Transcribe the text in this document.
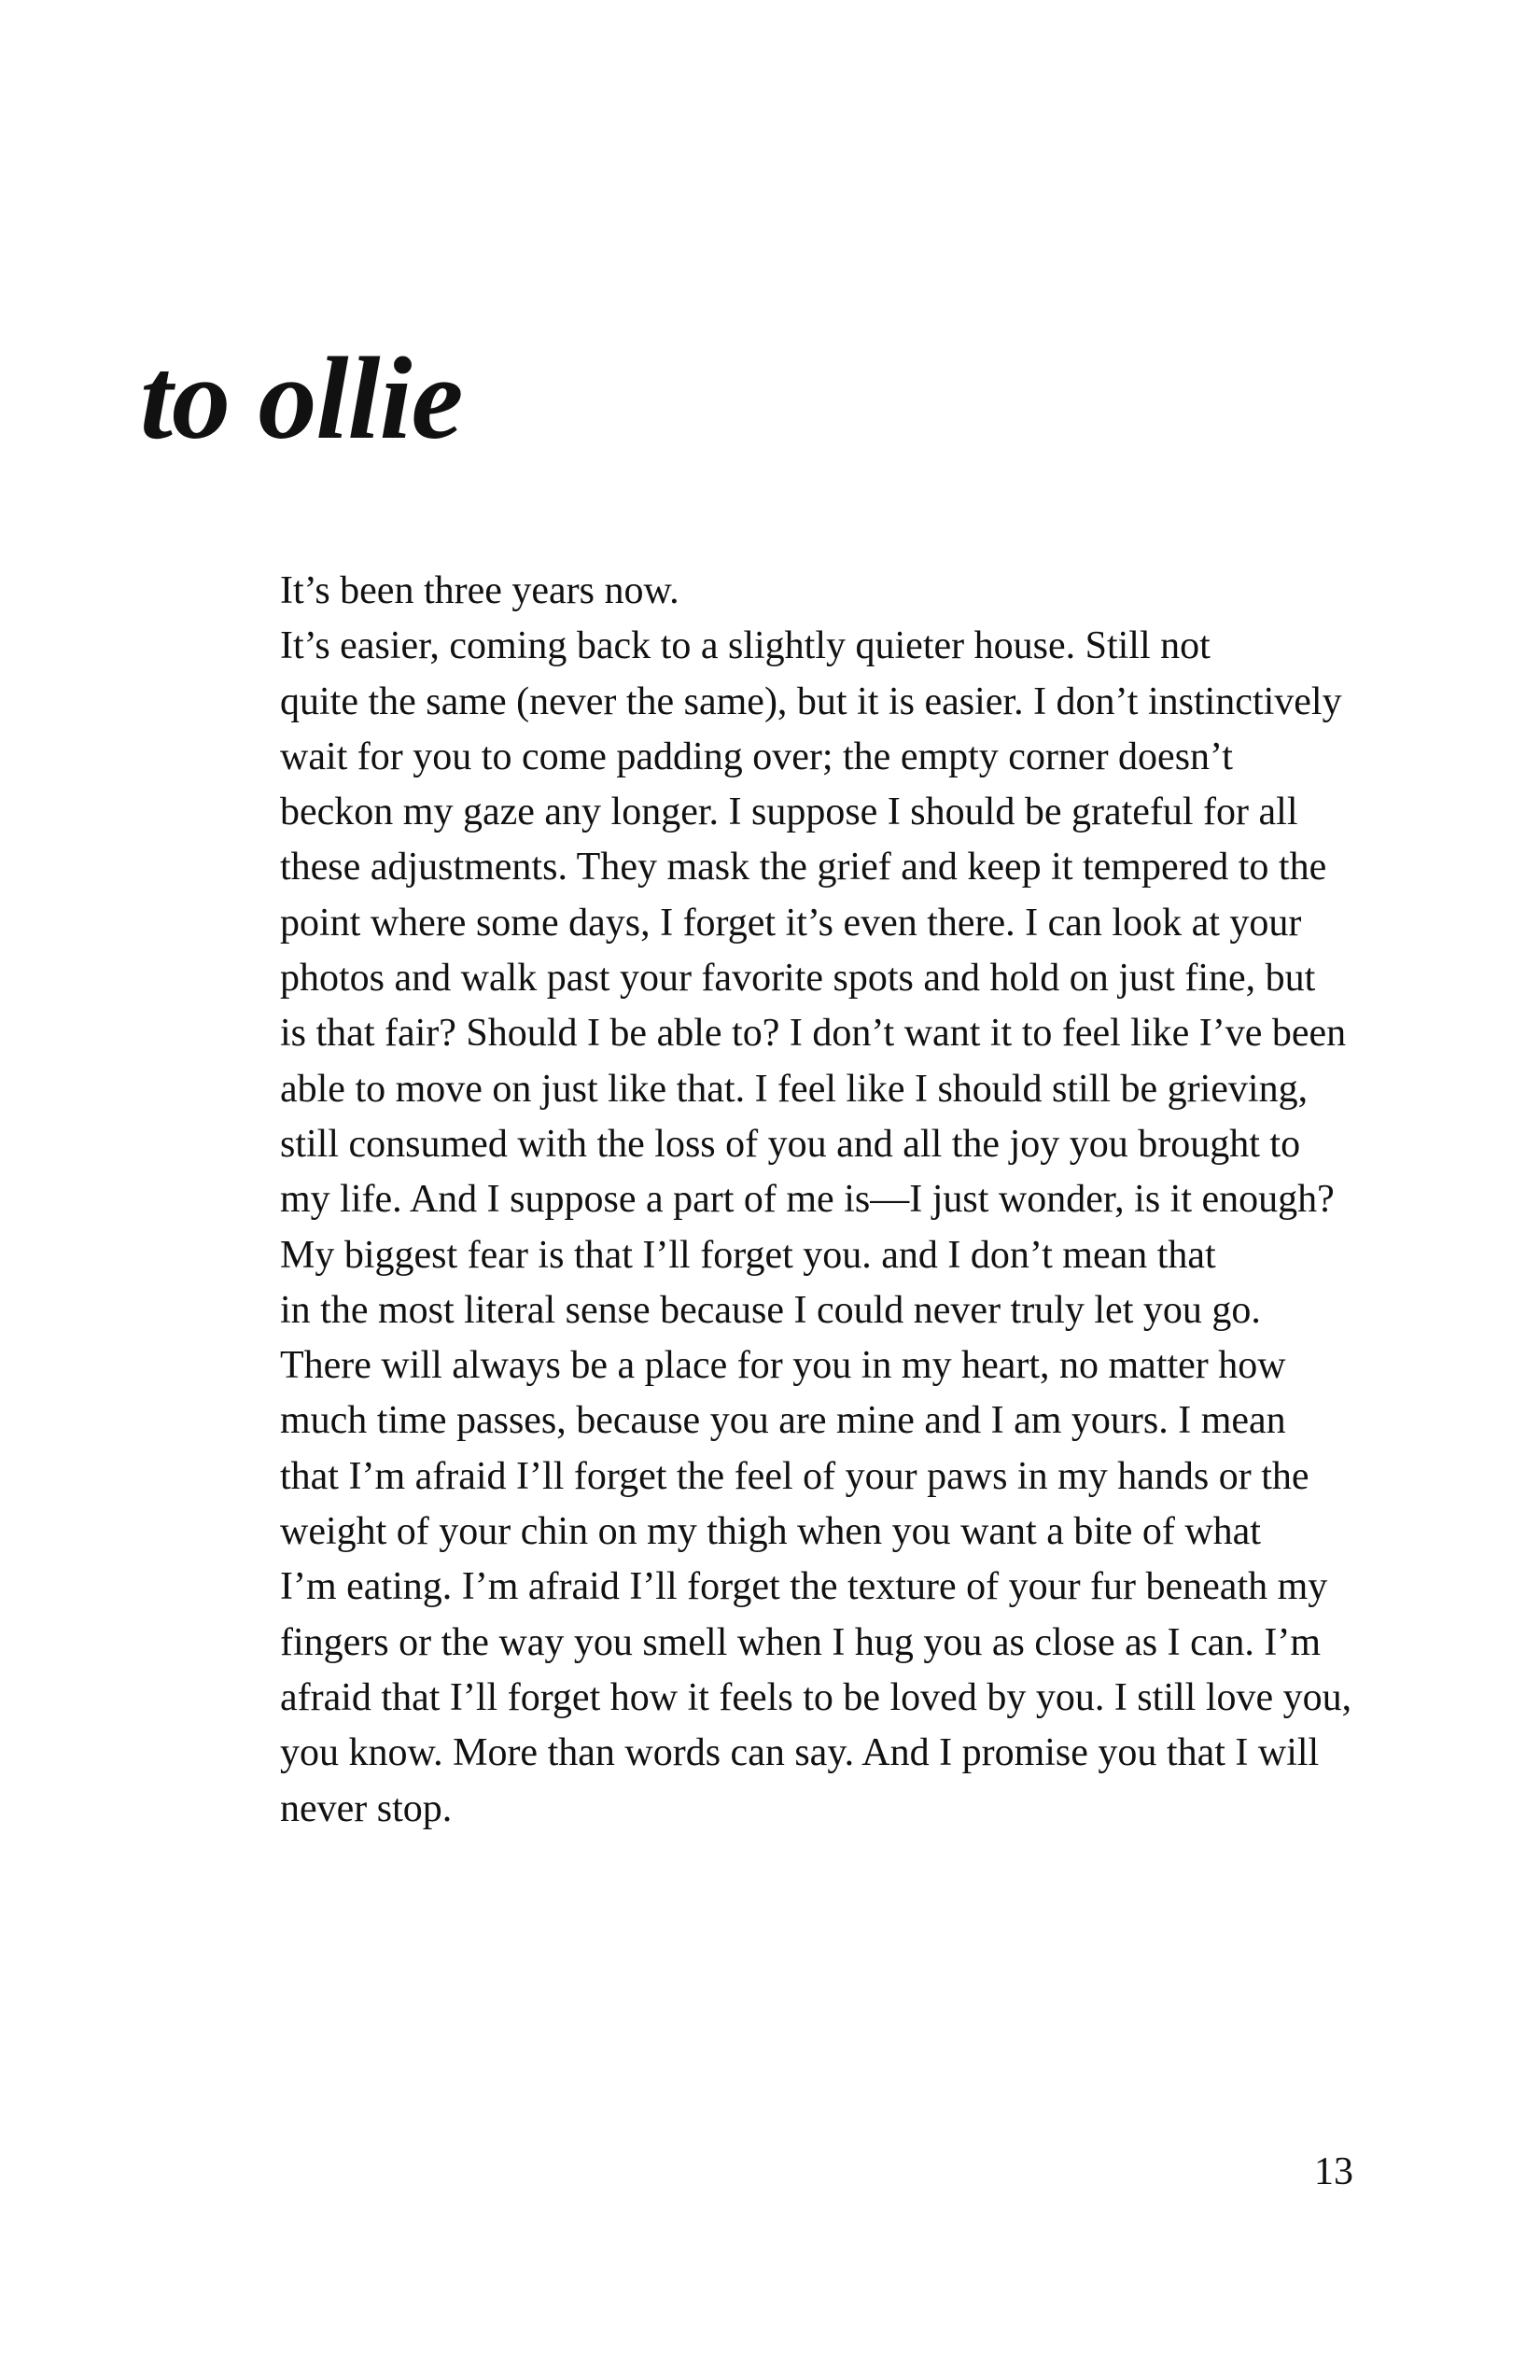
to ollie

It’s been three years now.

It’s easier, coming back to a slightly quieter house. Still not
quite the same (never the same), but it is easier. I don’t instinctively
wait for you to come padding over; the empty corner doesn’t
beckon my gaze any longer. I suppose I should be grateful for all
these adjustments. They mask the grief and keep it tempered to the
point where some days, I forget it’s even there. I can look at your
photos and walk past your favorite spots and hold on just fine, but
is that fair? Should I be able to? I don’t want it to feel like I’ve been
able to move on just like that. I feel like I should still be grieving,
still consumed with the loss of you and all the joy you brought to
my life. And I suppose a part of me is—I just wonder, is it enough?

My biggest fear is that I’ll forget you. and I don’t mean that
in the most literal sense because I could never truly let you go.
There will always be a place for you in my heart, no matter how
much time passes, because you are mine and I am yours. I mean
that I’m afraid I’ll forget the feel of your paws in my hands or the
weight of your chin on my thigh when you want a bite of what
I’m eating. I’m afraid I’ll forget the texture of your fur beneath my
fingers or the way you smell when I hug you as close as I can. I’m
afraid that I’ll forget how it feels to be loved by you. I still love you,
you know. More than words can say. And I promise you that I will
never stop.

13
